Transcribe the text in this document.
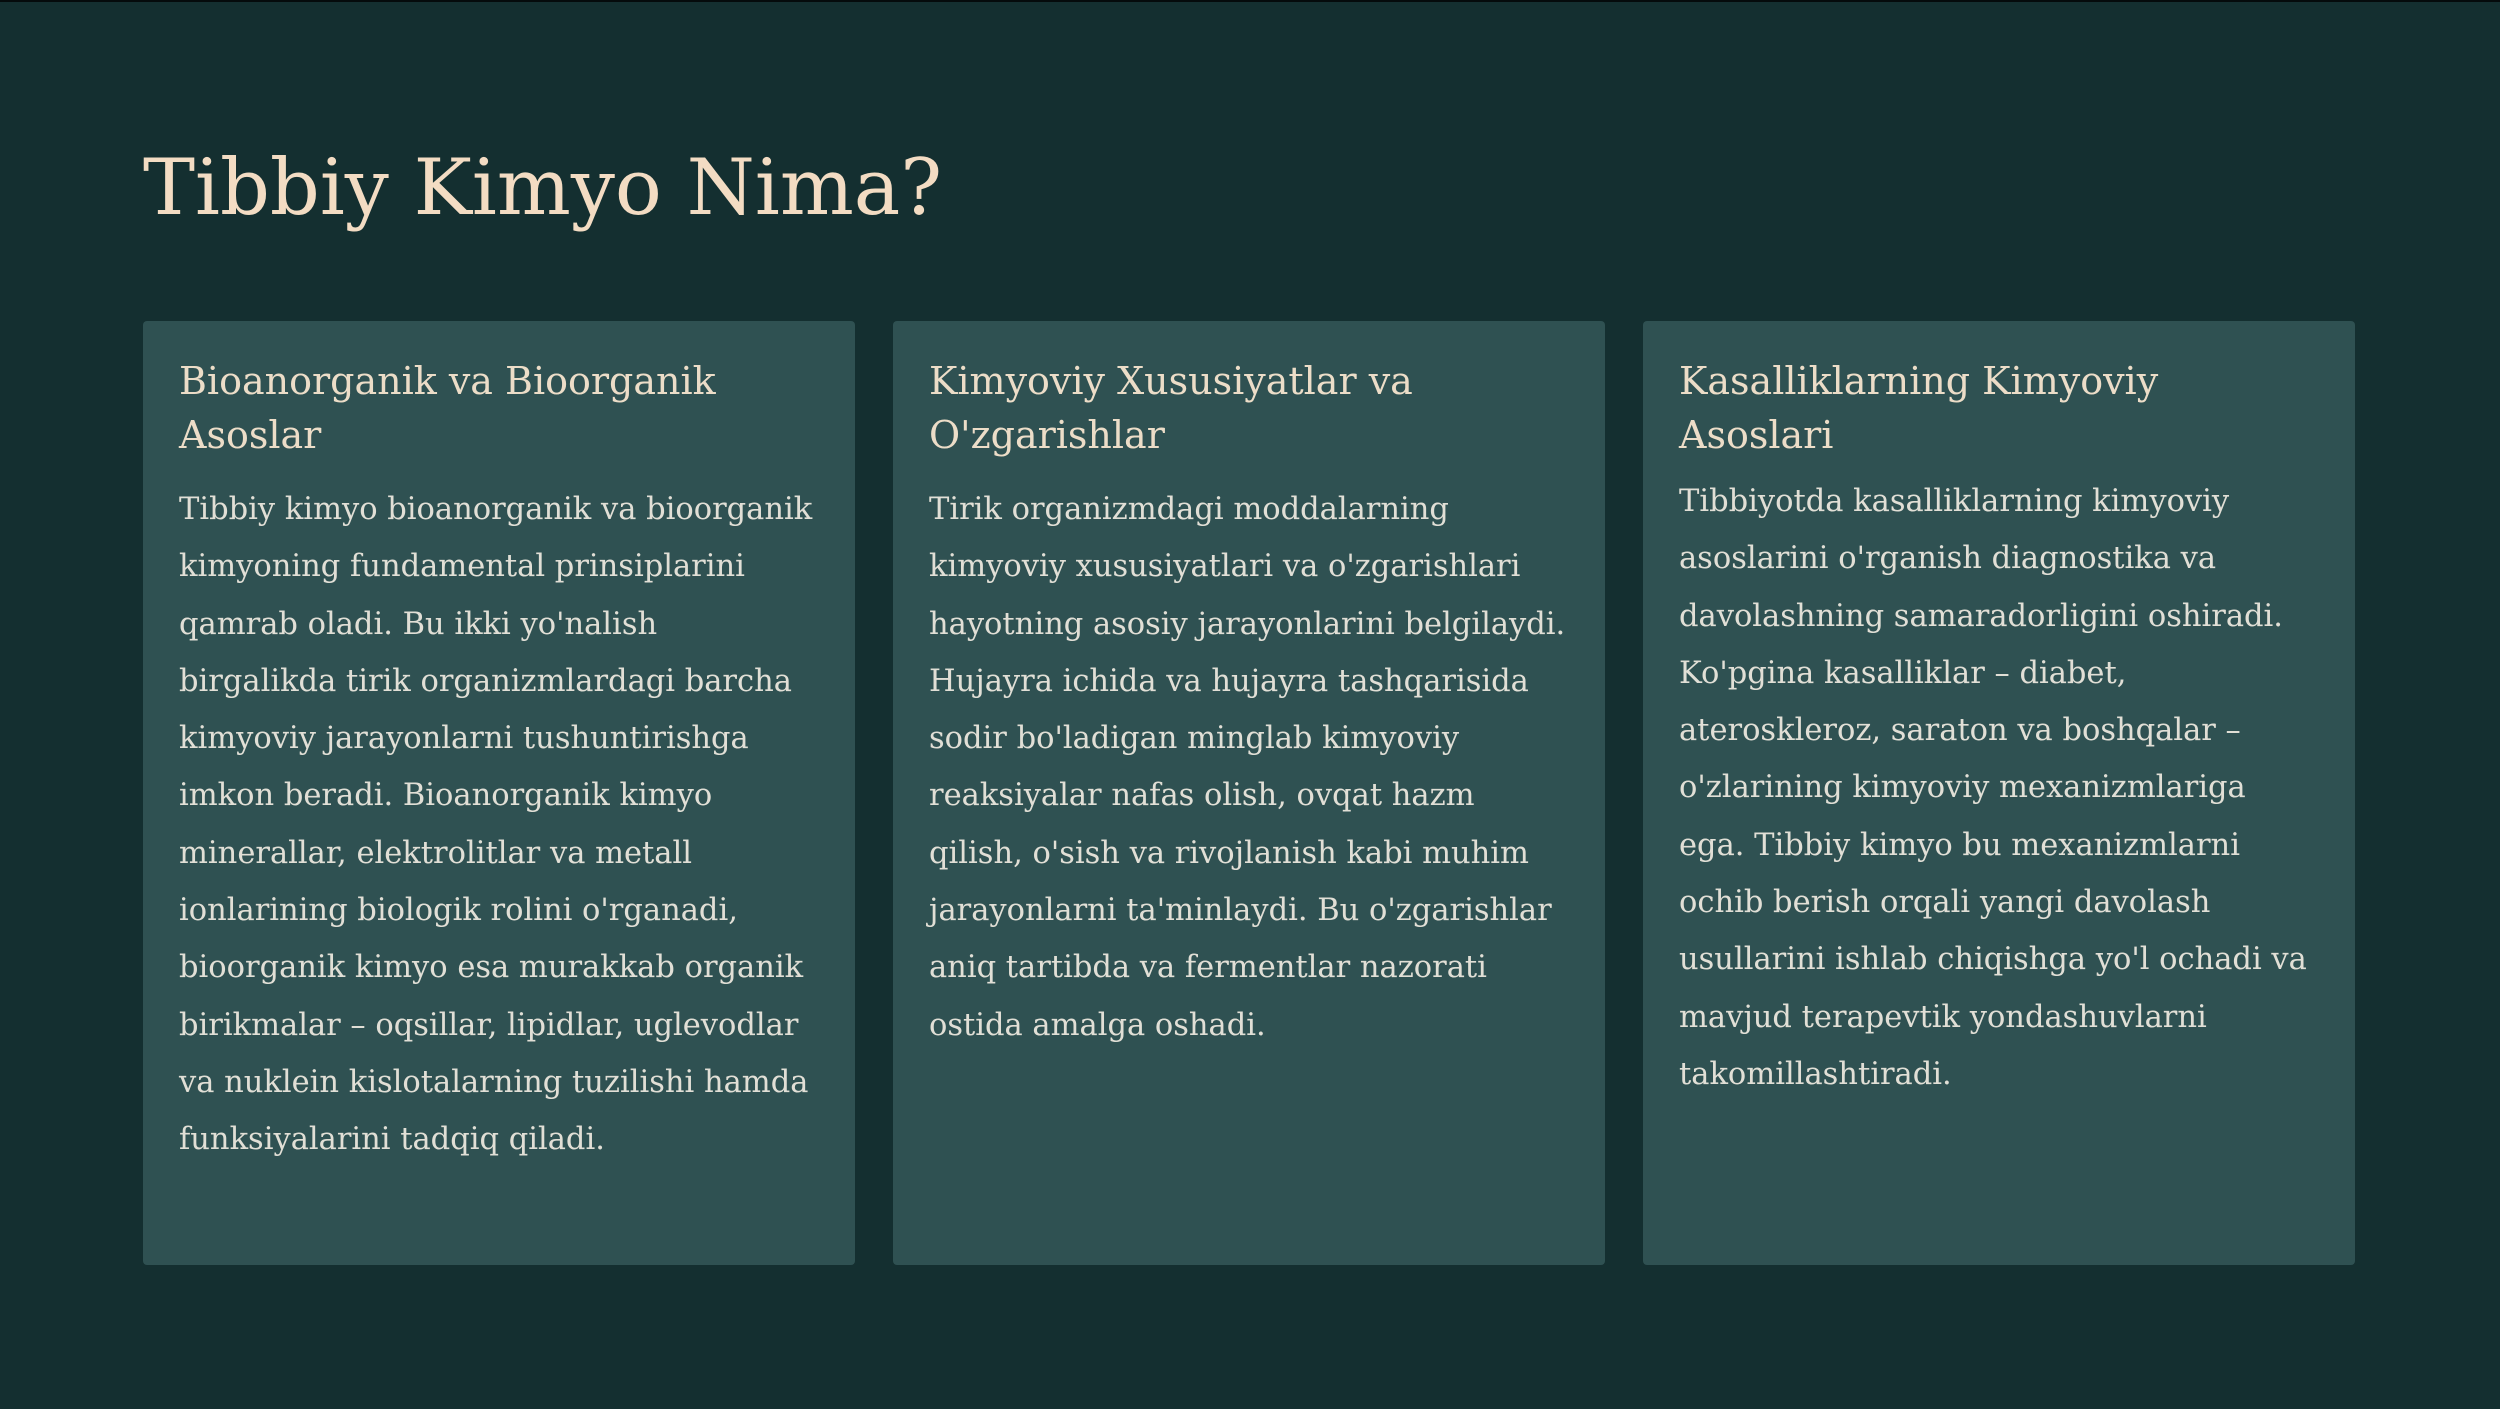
Tibbiy Kimyo Nima?
Bioanorganik va Bioorganik Asoslar

Tibbiy kimyo bioanorganik va bioorganik kimyoning fundamental prinsiplarini qamrab oladi. Bu ikki yo'nalish birgalikda tirik organizmlardagi barcha kimyoviy jarayonlarni tushuntirishga imkon beradi. Bioanorganik kimyo minerallar, elektrolitlar va metall ionlarining biologik rolini o'rganadi, bioorganik kimyo esa murakkab organik birikmalar – oqsillar, lipidlar, uglevodlar va nuklein kislotalarning tuzilishi hamda funksiyalarini tadqiq qiladi.

Kimyoviy Xususiyatlar va O'zgarishlar

Tirik organizmdagi moddalarning kimyoviy xususiyatlari va o'zgarishlari hayotning asosiy jarayonlarini belgilaydi. Hujayra ichida va hujayra tashqarisida sodir bo'ladigan minglab kimyoviy reaksiyalar nafas olish, ovqat hazm qilish, o'sish va rivojlanish kabi muhim jarayonlarni ta'minlaydi. Bu o'zgarishlar aniq tartibda va fermentlar nazorati ostida amalga oshadi.

Kasalliklarning Kimyoviy Asoslari

Tibbiyotda kasalliklarning kimyoviy asoslarini o'rganish diagnostika va davolashning samaradorligini oshiradi. Ko'pgina kasalliklar – diabet, ateroskleroz, saraton va boshqalar – o'zlarining kimyoviy mexanizmlariga ega. Tibbiy kimyo bu mexanizmlarni ochib berish orqali yangi davolash usullarini ishlab chiqishga yo'l ochadi va mavjud terapevtik yondashuvlarni takomillashtiradi.
